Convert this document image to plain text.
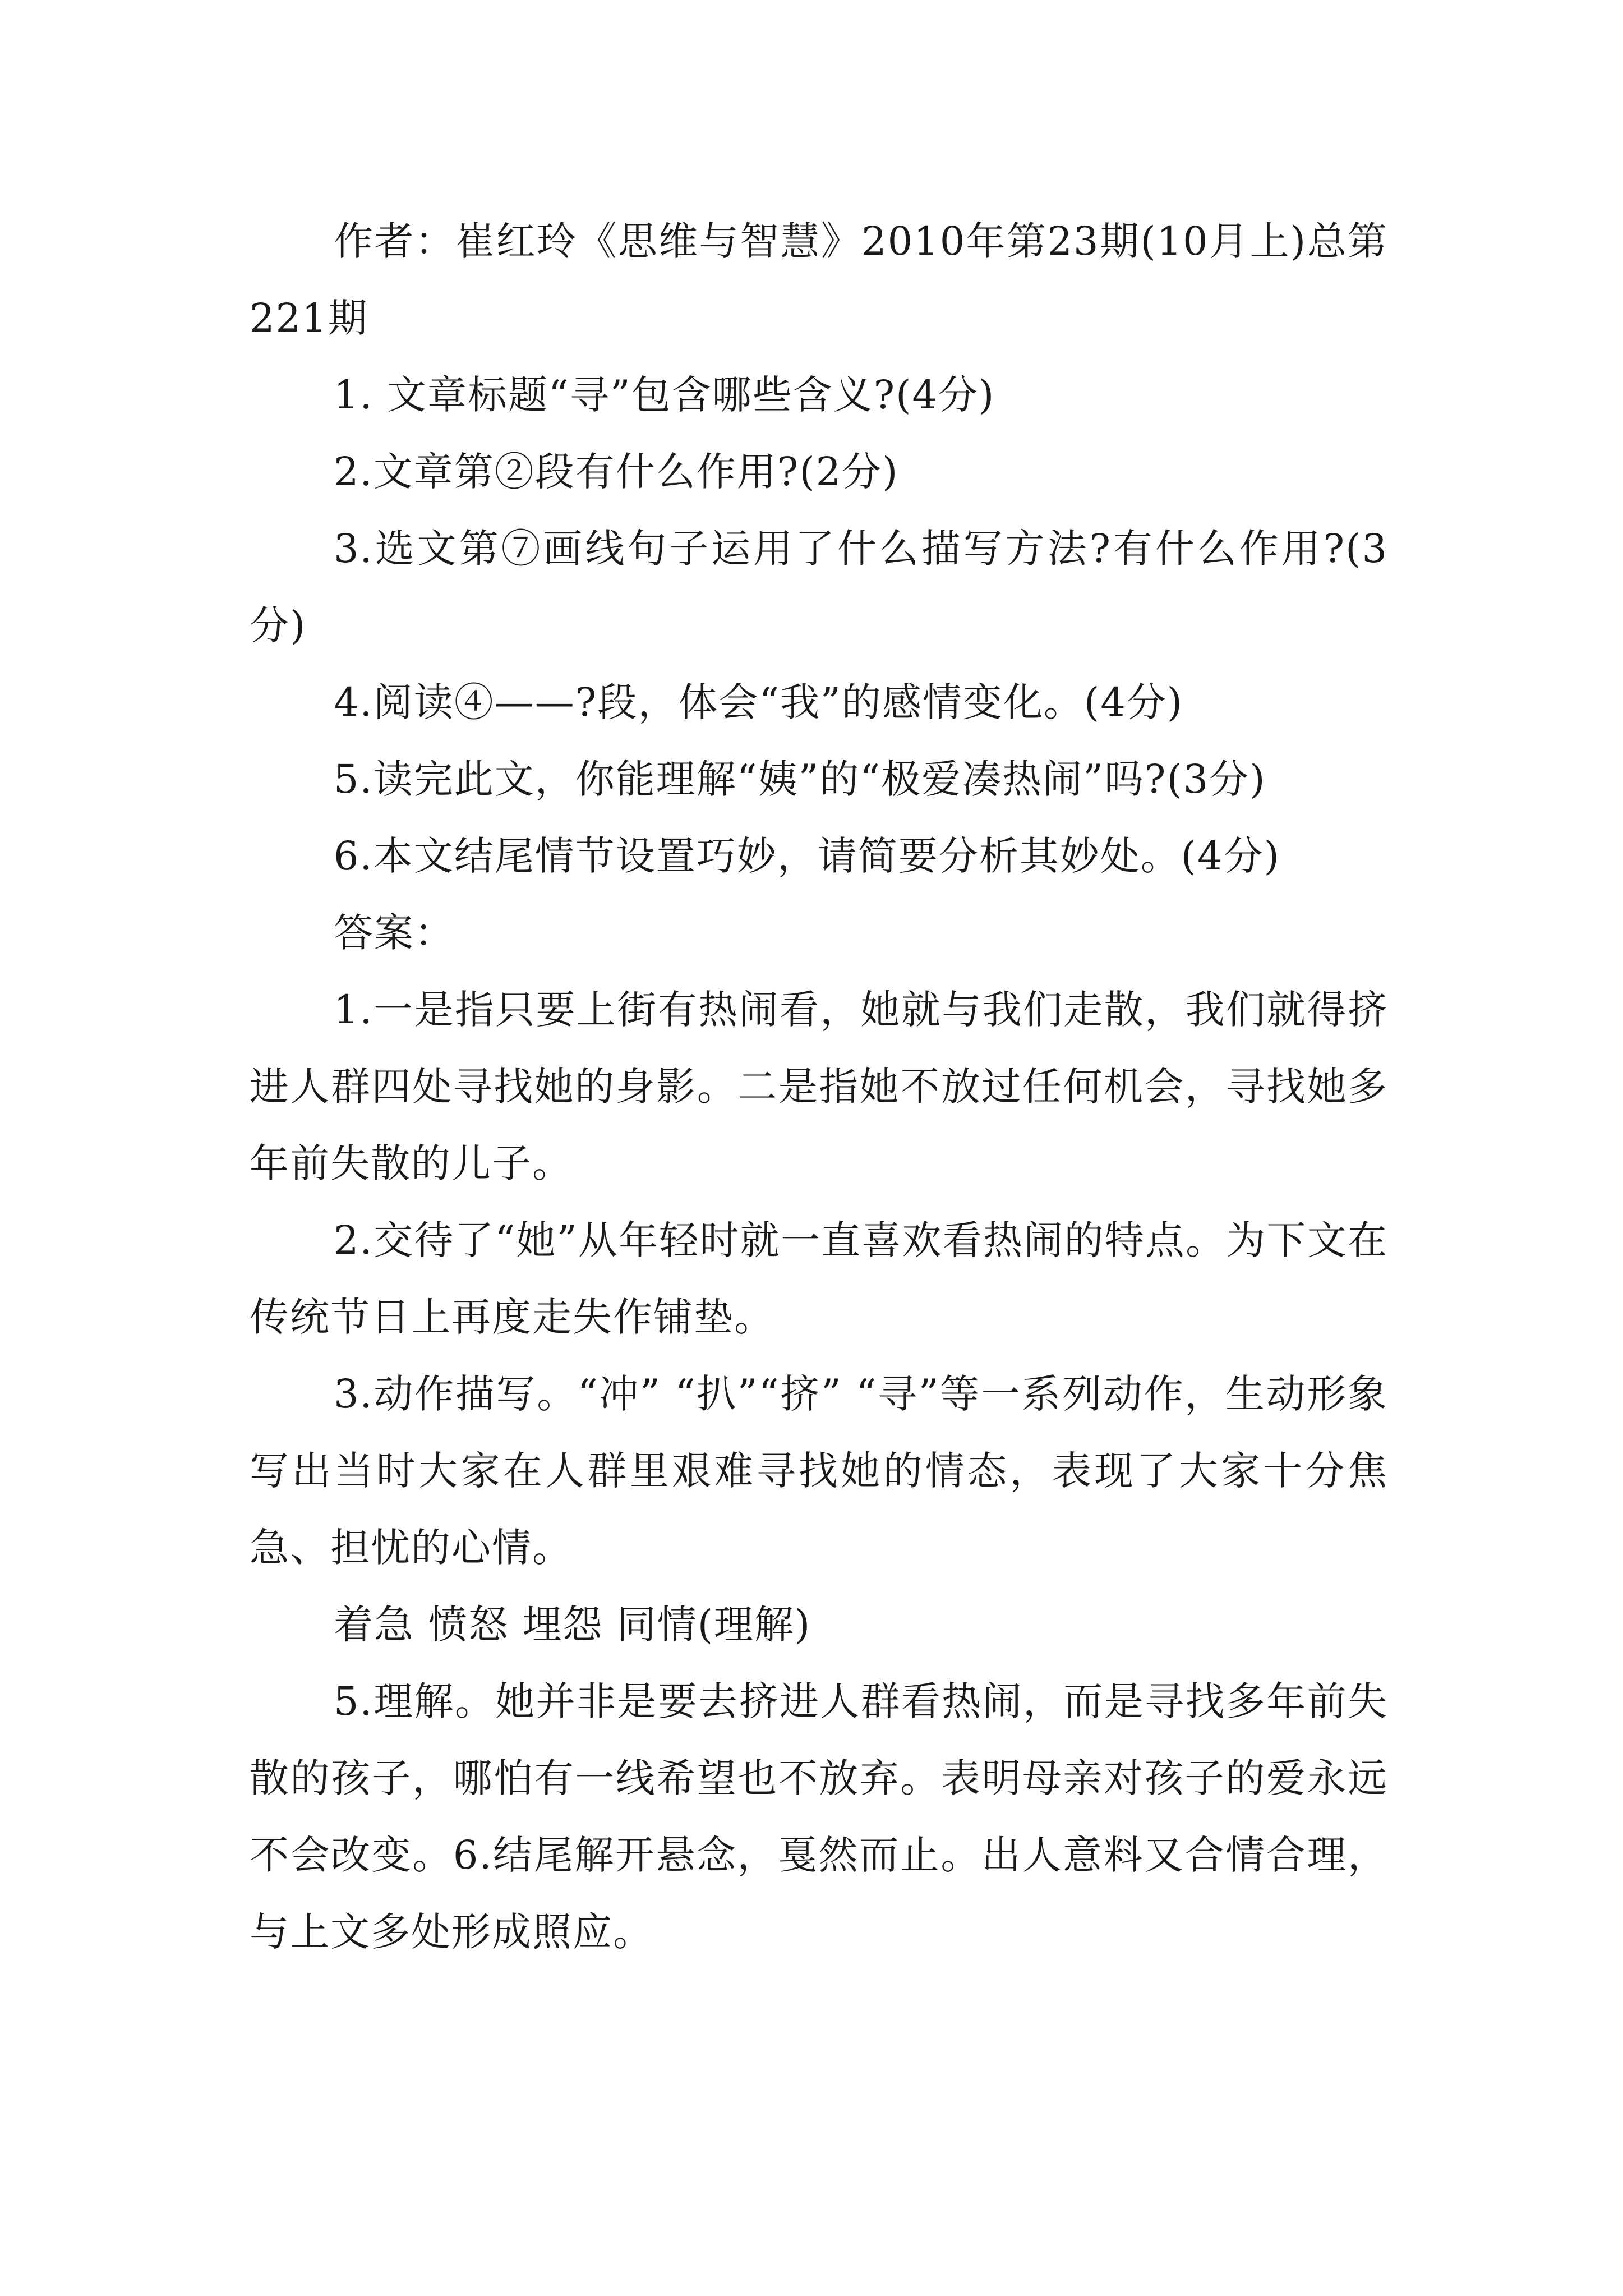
作者：崔红玲《思维与智慧》2010年第23期(10月上)总第221期

1. 文章标题“寻”包含哪些含义?(4分)

2.文章第②段有什么作用?(2分)

3.选文第⑦画线句子运用了什么描写方法?有什么作用?(3分)

4.阅读④——?段，体会“我”的感情变化。(4分)

5.读完此文，你能理解“姨”的“极爱凑热闹”吗?(3分)

6.本文结尾情节设置巧妙，请简要分析其妙处。(4分)

答案：

1.一是指只要上街有热闹看，她就与我们走散，我们就得挤进人群四处寻找她的身影。二是指她不放过任何机会，寻找她多年前失散的儿子。

2.交待了“她”从年轻时就一直喜欢看热闹的特点。为下文在传统节日上再度走失作铺垫。

3.动作描写。“冲” “扒”“挤” “寻”等一系列动作，生动形象写出当时大家在人群里艰难寻找她的情态，表现了大家十分焦急、担忧的心情。

着急 愤怒 埋怨 同情(理解)

5.理解。她并非是要去挤进人群看热闹，而是寻找多年前失散的孩子，哪怕有一线希望也不放弃。表明母亲对孩子的爱永远不会改变。6.结尾解开悬念，戛然而止。出人意料又合情合理，与上文多处形成照应。
